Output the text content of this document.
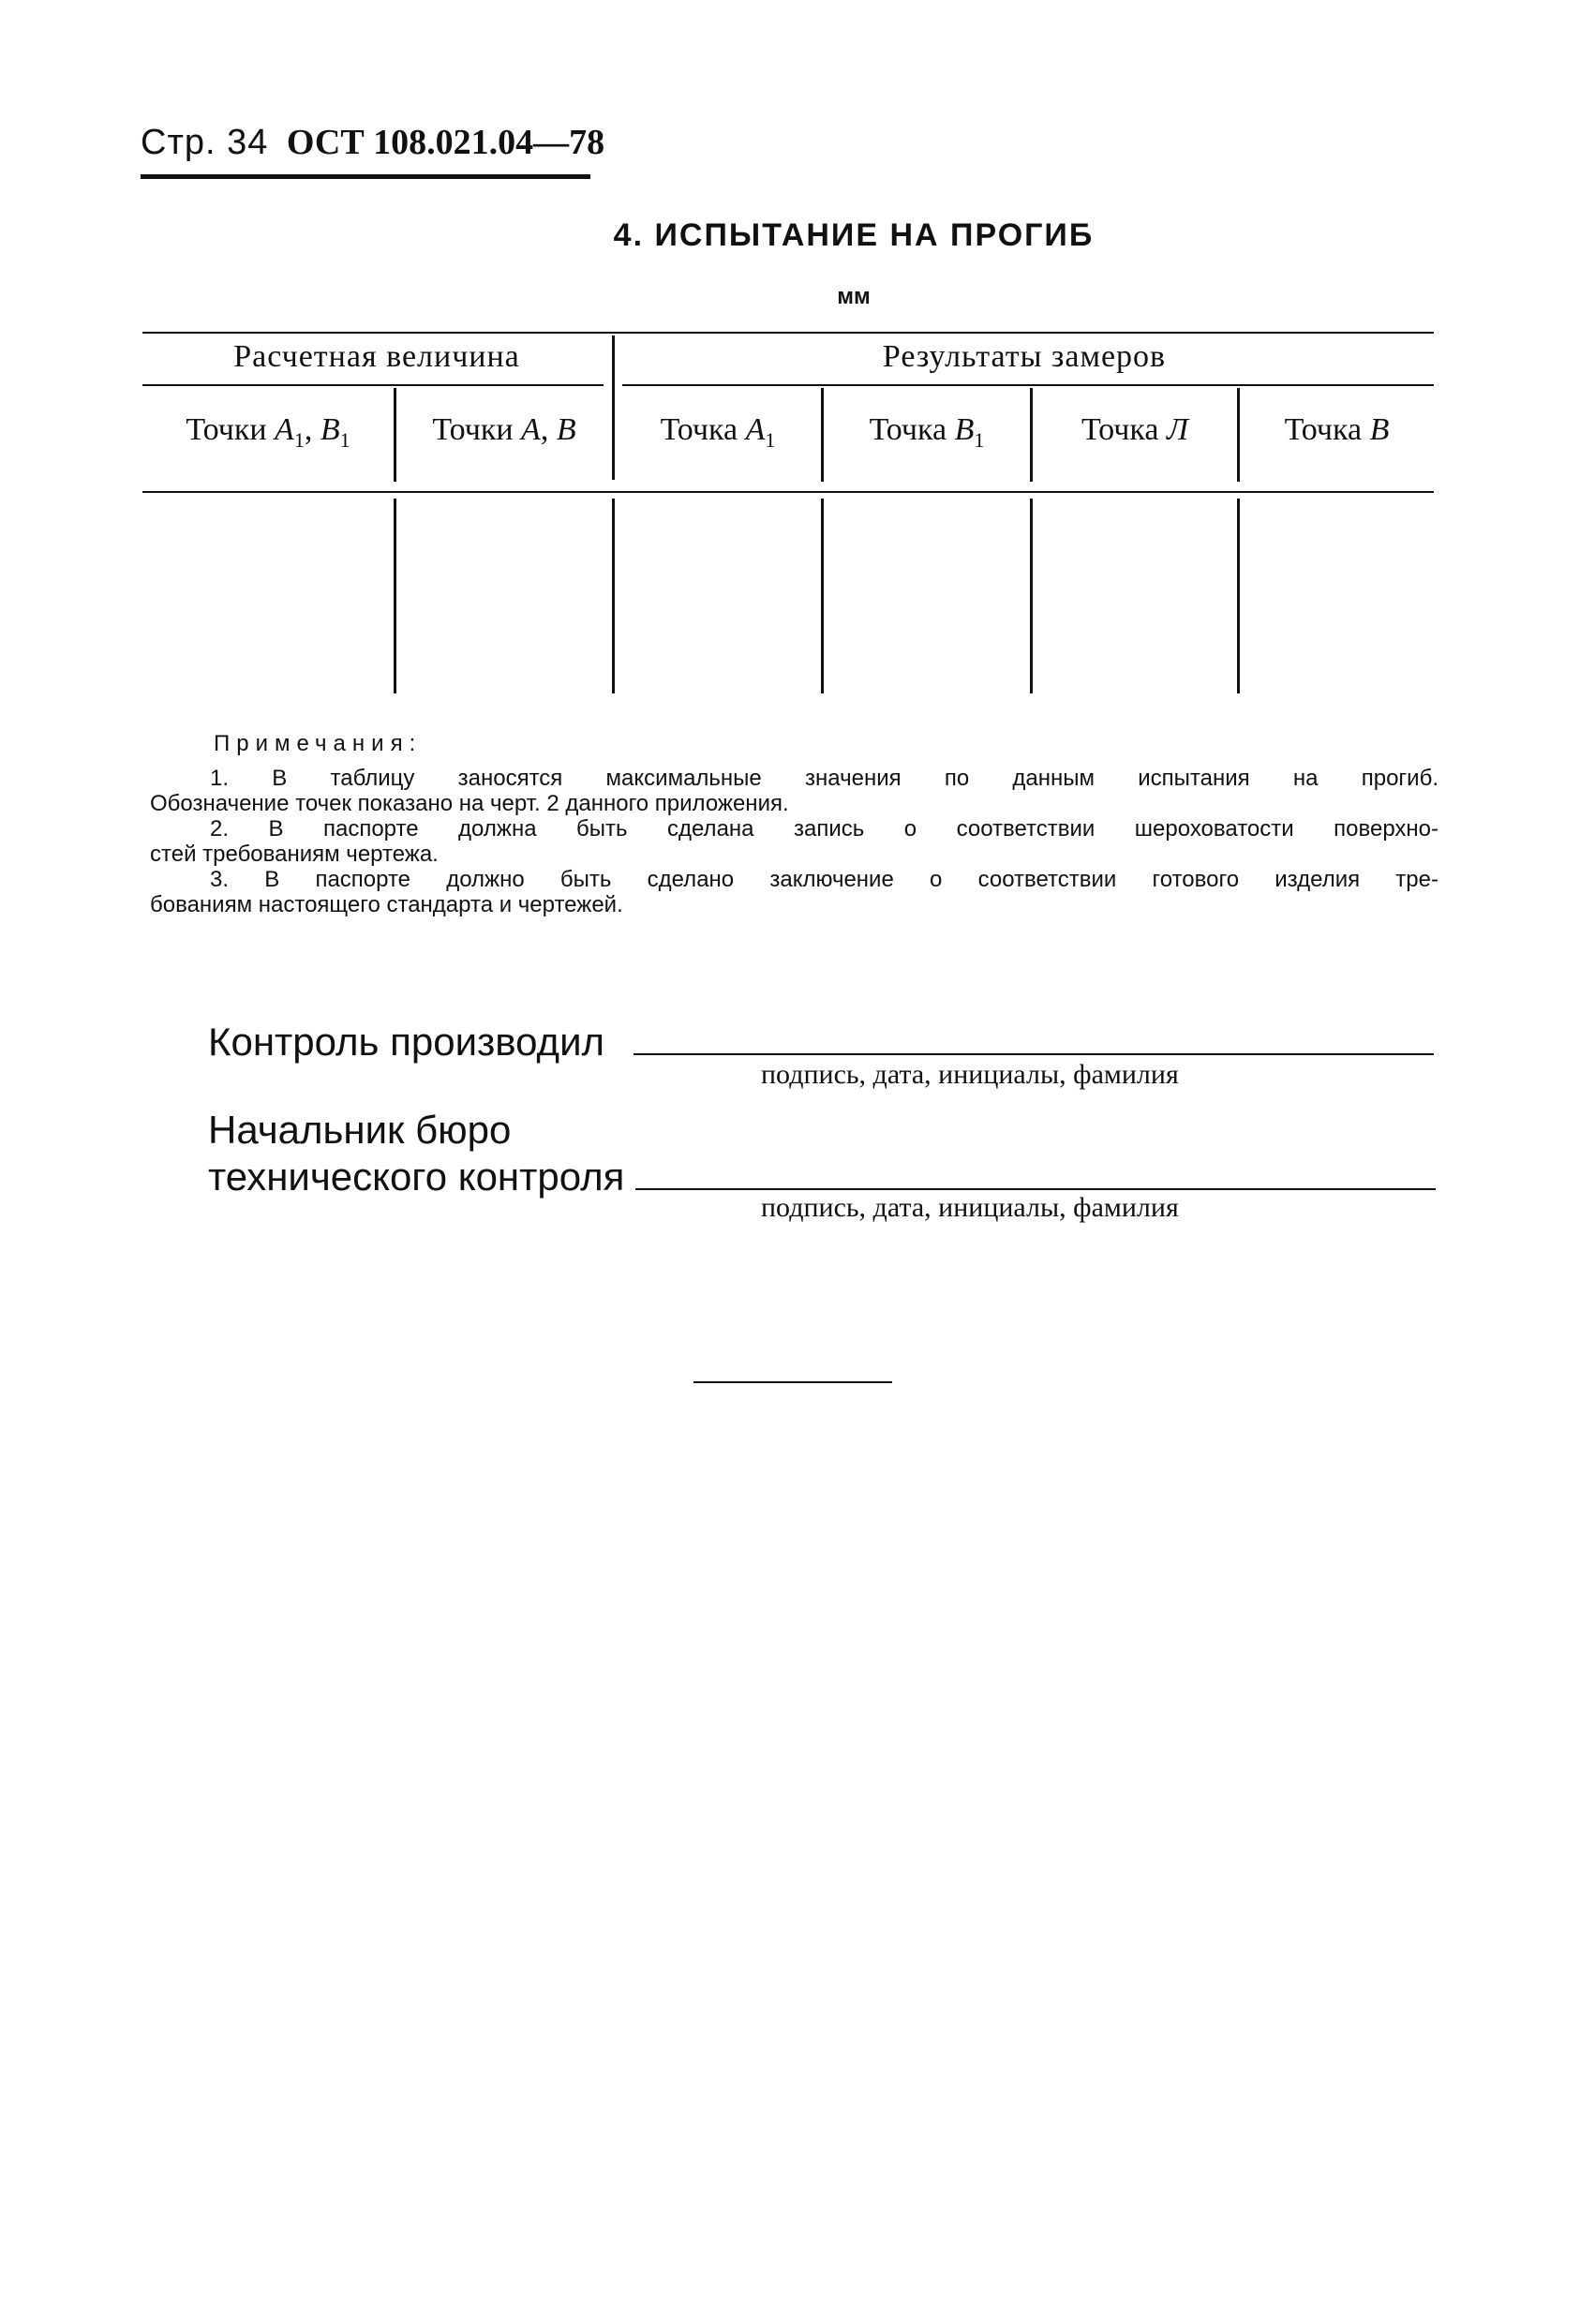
Стр. 34 ОСТ 108.021.04—78
4. ИСПЫТАНИЕ НА ПРОГИБ
мм
Расчетная величина	Результаты замеров
Точки $A_1$, $B_1$	Точки A, B	Точка $A_1$	Точка $B_1$	Точка Л	Точка B
Примечания:
1. В таблицу заносятся максимальные значения по данным испытания на прогиб.
Обозначение точек показано на черт. 2 данного приложения.
2. В паспорте должна быть сделана запись о соответствии шероховатости поверхно-
стей требованиям чертежа.
3. В паспорте должно быть сделано заключение о соответствии готового изделия тре-
бованиям настоящего стандарта и чертежей.
Контроль производил
подпись, дата, инициалы, фамилия
Начальник бюро
технического контроля
подпись, дата, инициалы, фамилия
